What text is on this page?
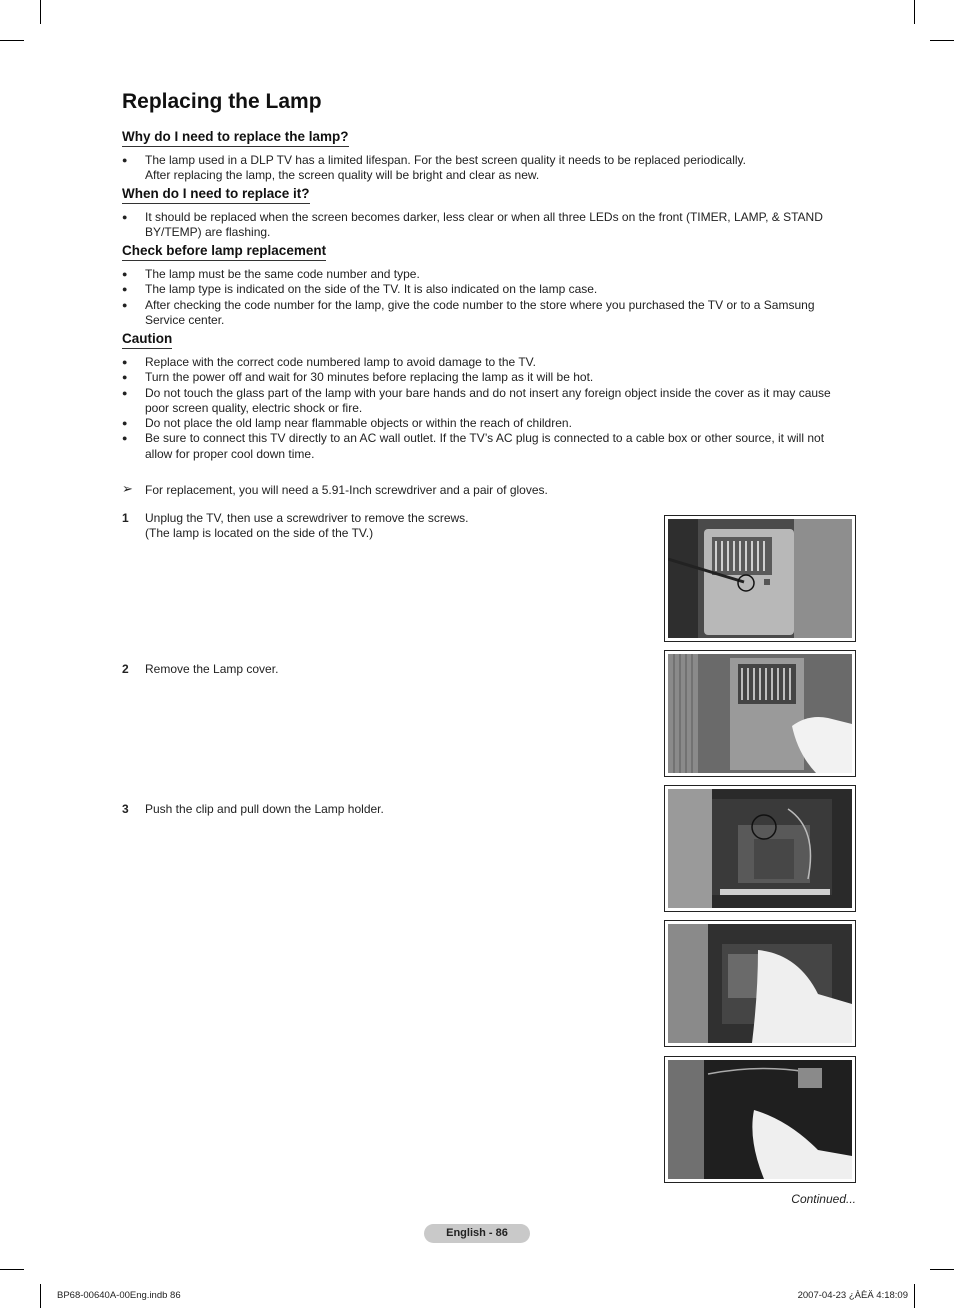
Replacing the Lamp
Why do I need to replace the lamp?
● The lamp used in a DLP TV has a limited lifespan. For the best screen quality it needs to be replaced periodically.
After replacing the lamp, the screen quality will be bright and clear as new.
When do I need to replace it?
● It should be replaced when the screen becomes darker, less clear or when all three LEDs on the front (TIMER, LAMP, & STAND
BY/TEMP) are flashing.
Check before lamp replacement
● The lamp must be the same code number and type.
● The lamp type is indicated on the side of the TV. It is also indicated on the lamp case.
● After checking the code number for the lamp, give the code number to the store where you purchased the TV or to a Samsung
Service center.
Caution
● Replace with the correct code numbered lamp to avoid damage to the TV.
● Turn the power off and wait for 30 minutes before replacing the lamp as it will be hot.
● Do not touch the glass part of the lamp with your bare hands and do not insert any foreign object inside the cover as it may cause
poor screen quality, electric shock or fire.
● Do not place the old lamp near flammable objects or within the reach of children.
● Be sure to connect this TV directly to an AC wall outlet. If the TV’s AC plug is connected to a cable box or other source, it will not
allow for proper cool down time.
➢ For replacement, you will need a 5.91-Inch screwdriver and a pair of gloves.
1 Unplug the TV, then use a screwdriver to remove the screws.
(The lamp is located on the side of the TV.)
2 Remove the Lamp cover.
3 Push the clip and pull down the Lamp holder.
Continued...
English - 86
BP68-00640A-00Eng.indb 86	2007-04-23 ¿ÀÈÄ 4:18:09
